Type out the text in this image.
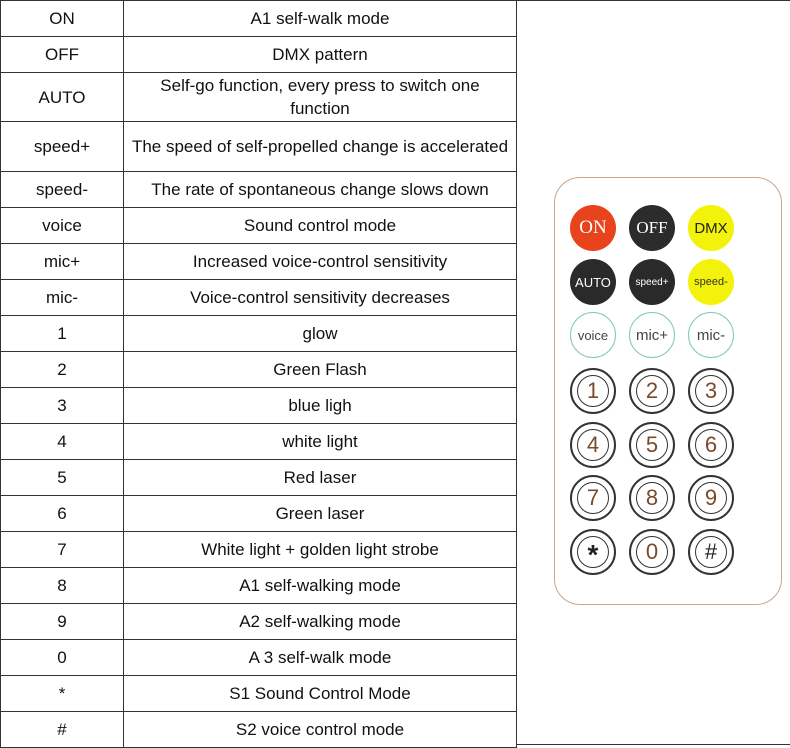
ON	A1 self-walk mode
OFF	DMX pattern
AUTO	Self-go function, every press to switch one function
speed+	The speed of self-propelled change is accelerated
speed-	The rate of spontaneous change slows down
voice	Sound control mode
mic+	Increased voice-control sensitivity
mic-	Voice-control sensitivity decreases
1	glow
2	Green Flash
3	blue ligh
4	white light
5	Red laser
6	Green laser
7	White light + golden light strobe
8	A1 self-walking mode
9	A2 self-walking mode
0	A 3 self-walk mode
*	S1 Sound Control Mode
#	S2 voice control mode
ON OFF DMX
AUTO speed+ speed-
voice mic+ mic-
1	2	3
4	5	6
7	8	9
*	0	#
